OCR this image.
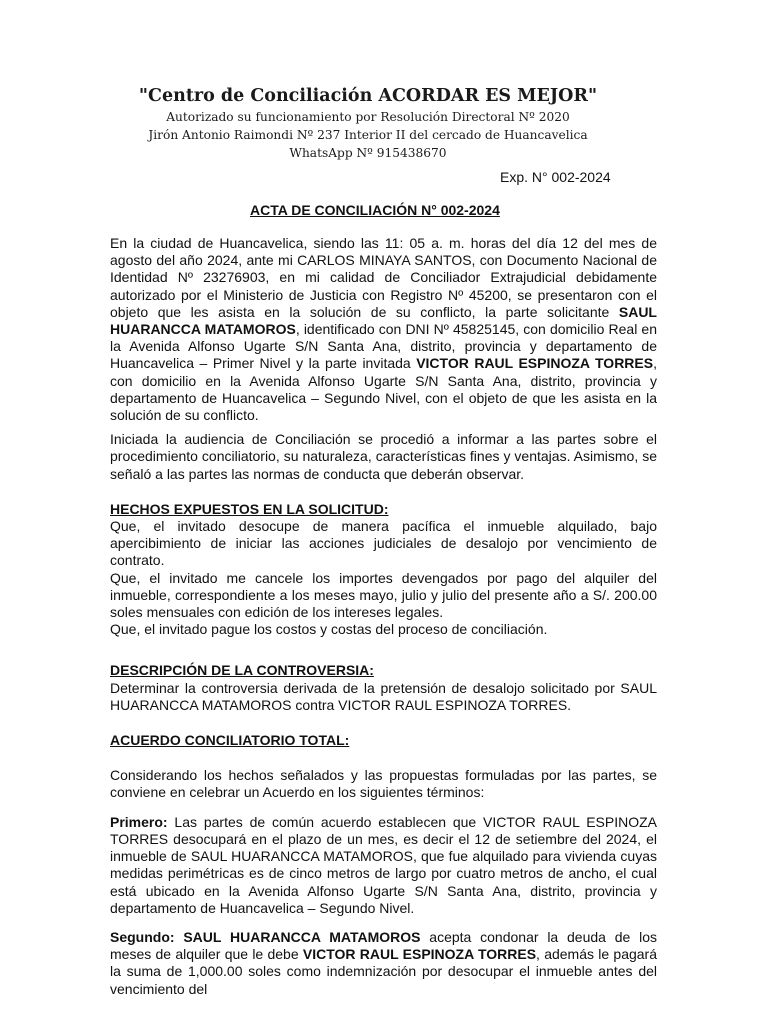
"Centro de Conciliación ACORDAR ES MEJOR"
Autorizado su funcionamiento por Resolución Directoral Nº 2020
Jirón Antonio Raimondi Nº 237 Interior II del cercado de Huancavelica
WhatsApp Nº 915438670
Exp. N° 002-2024
ACTA DE CONCILIACIÓN N° 002-2024

En la ciudad de Huancavelica, siendo las 11: 05 a. m. horas del día 12 del mes de agosto del año 2024, ante mi CARLOS MINAYA SANTOS, con Documento Nacional de Identidad Nº 23276903, en mi calidad de Conciliador Extrajudicial debidamente autorizado por el Ministerio de Justicia con Registro Nº 45200, se presentaron con el objeto que les asista en la solución de su conflicto, la parte solicitante SAUL HUARANCCA MATAMOROS, identificado con DNI Nº 45825145, con domicilio Real en la Avenida Alfonso Ugarte S/N Santa Ana, distrito, provincia y departamento de Huancavelica – Primer Nivel y la parte invitada VICTOR RAUL ESPINOZA TORRES, con domicilio en la Avenida Alfonso Ugarte S/N Santa Ana, distrito, provincia y departamento de Huancavelica – Segundo Nivel, con el objeto de que les asista en la solución de su conflicto.

Iniciada la audiencia de Conciliación se procedió a informar a las partes sobre el procedimiento conciliatorio, su naturaleza, características fines y ventajas. Asimismo, se señaló a las partes las normas de conducta que deberán observar.

HECHOS EXPUESTOS EN LA SOLICITUD:

Que, el invitado desocupe de manera pacífica el inmueble alquilado, bajo apercibimiento de iniciar las acciones judiciales de desalojo por vencimiento de contrato.

Que, el invitado me cancele los importes devengados por pago del alquiler del inmueble, correspondiente a los meses mayo, julio y julio del presente año a S/. 200.00 soles mensuales con edición de los intereses legales.

Que, el invitado pague los costos y costas del proceso de conciliación.

DESCRIPCIÓN DE LA CONTROVERSIA:

Determinar la controversia derivada de la pretensión de desalojo solicitado por SAUL HUARANCCA MATAMOROS contra VICTOR RAUL ESPINOZA TORRES.

ACUERDO CONCILIATORIO TOTAL:

Considerando los hechos señalados y las propuestas formuladas por las partes, se conviene en celebrar un Acuerdo en los siguientes términos:

Primero: Las partes de común acuerdo establecen que VICTOR RAUL ESPINOZA TORRES desocupará en el plazo de un mes, es decir el 12 de setiembre del 2024, el inmueble de SAUL HUARANCCA MATAMOROS, que fue alquilado para vivienda cuyas medidas perimétricas es de cinco metros de largo por cuatro metros de ancho, el cual está ubicado en la Avenida Alfonso Ugarte S/N Santa Ana, distrito, provincia y departamento de Huancavelica – Segundo Nivel.

Segundo: SAUL HUARANCCA MATAMOROS acepta condonar la deuda de los meses de alquiler que le debe VICTOR RAUL ESPINOZA TORRES, además le pagará la suma de 1,000.00 soles como indemnización por desocupar el inmueble antes del vencimiento del
